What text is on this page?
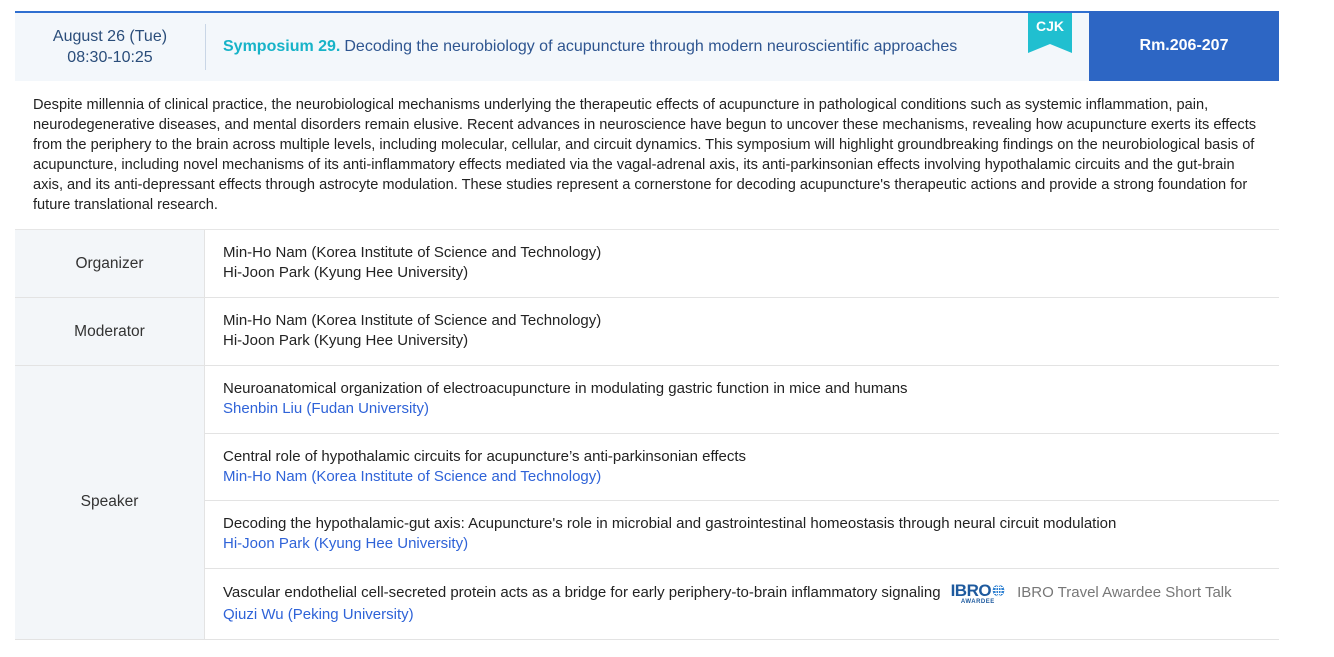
August 26 (Tue)
08:30-10:25
Symposium 29. Decoding the neurobiology of acupuncture through modern neuroscientific approaches
CJK
Rm.206-207
Despite millennia of clinical practice, the neurobiological mechanisms underlying the therapeutic effects of acupuncture in pathological conditions such as systemic inflammation, pain, neurodegenerative diseases, and mental disorders remain elusive. Recent advances in neuroscience have begun to uncover these mechanisms, revealing how acupuncture exerts its effects from the periphery to the brain across multiple levels, including molecular, cellular, and circuit dynamics. This symposium will highlight groundbreaking findings on the neurobiological basis of acupuncture, including novel mechanisms of its anti-inflammatory effects mediated via the vagal-adrenal axis, its anti-parkinsonian effects involving hypothalamic circuits and the gut-brain axis, and its anti-depressant effects through astrocyte modulation. These studies represent a cornerstone for decoding acupuncture's therapeutic actions and provide a strong foundation for future translational research.
Organizer
Min-Ho Nam (Korea Institute of Science and Technology)
Hi-Joon Park (Kyung Hee University)
Moderator
Min-Ho Nam (Korea Institute of Science and Technology)
Hi-Joon Park (Kyung Hee University)
Speaker
Neuroanatomical organization of electroacupuncture in modulating gastric function in mice and humans
Shenbin Liu (Fudan University)
Central role of hypothalamic circuits for acupuncture’s anti-parkinsonian effects
Min-Ho Nam (Korea Institute of Science and Technology)
Decoding the hypothalamic-gut axis: Acupuncture's role in microbial and gastrointestinal homeostasis through neural circuit modulation
Hi-Joon Park (Kyung Hee University)
Vascular endothelial cell-secreted protein acts as a bridge for early periphery-to-brain inflammatory signaling IBRO
AWARDEE
IBRO Travel Awardee Short Talk
Qiuzi Wu (Peking University)
